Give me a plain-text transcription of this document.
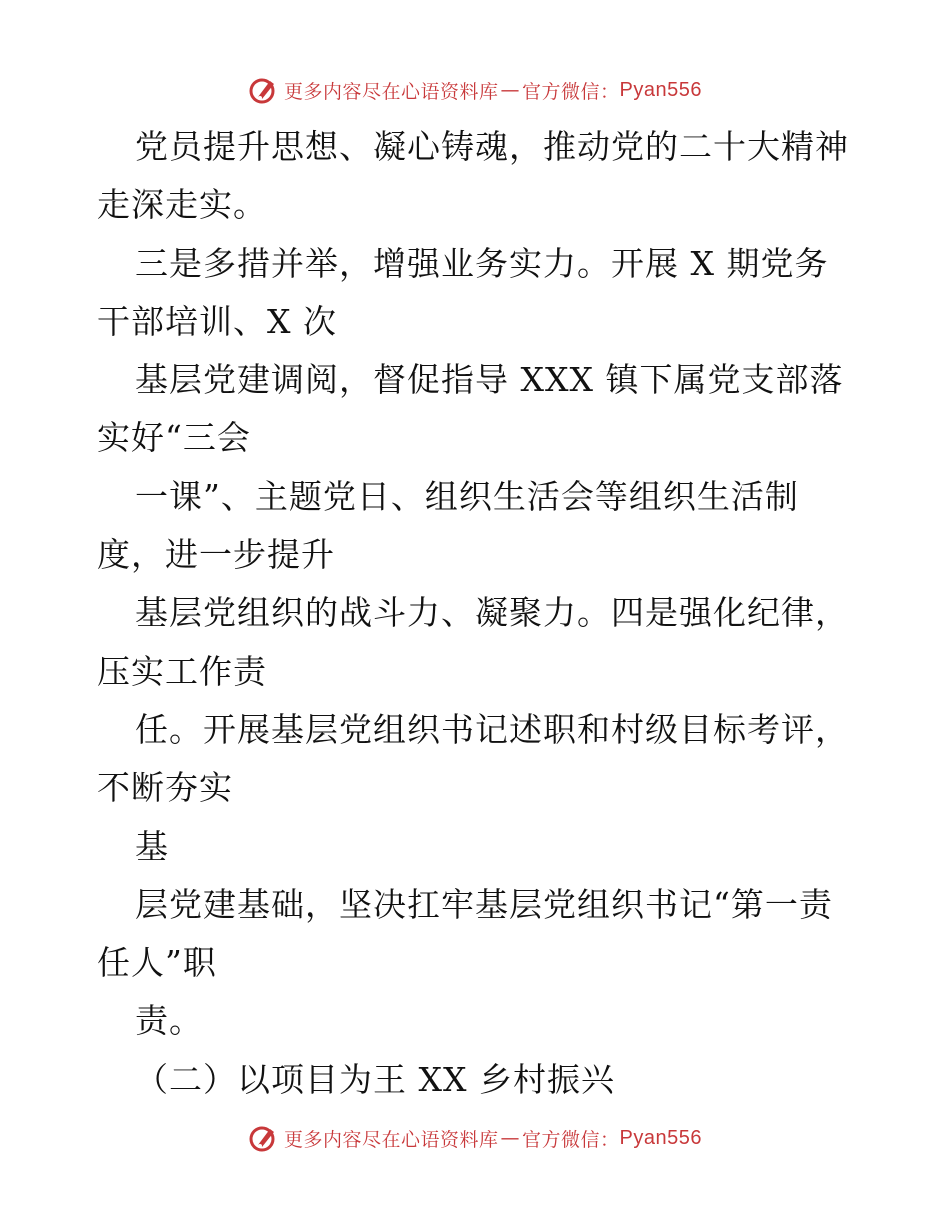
更多内容尽在心语资料库 — 官方微信： Pyan556
党员提升思想、凝心铸魂，推动党的二十大精神
走深走实。
三是多措并举，增强业务实力。开展 X 期党务
干部培训、X 次
基层党建调阅，督促指导 XXX 镇下属党支部落
实好“三会
一课”、主题党日、组织生活会等组织生活制
度，进一步提升
基层党组织的战斗力、凝聚力。四是强化纪律，
压实工作责
任。开展基层党组织书记述职和村级目标考评，
不断夯实
基
层党建基础，坚决扛牢基层党组织书记“第一责
任人”职
责。
（二）以项目为王 XX 乡村振兴
更多内容尽在心语资料库 — 官方微信： Pyan556
